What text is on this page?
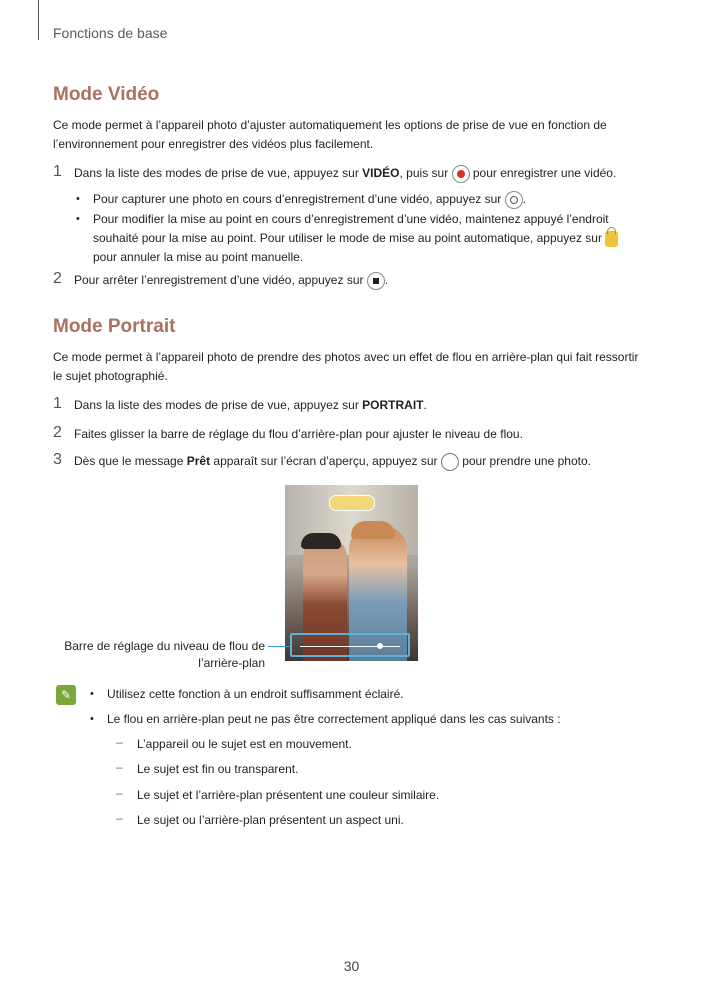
Fonctions de base
Mode Vidéo
Ce mode permet à l’appareil photo d’ajuster automatiquement les options de prise de vue en fonction de l’environnement pour enregistrer des vidéos plus facilement.
1 Dans la liste des modes de prise de vue, appuyez sur VIDÉO, puis sur  pour enregistrer une vidéo.
• Pour capturer une photo en cours d’enregistrement d’une vidéo, appuyez sur .
• Pour modifier la mise au point en cours d’enregistrement d’une vidéo, maintenez appuyé l’endroit souhaité pour la mise au point. Pour utiliser le mode de mise au point automatique, appuyez sur  pour annuler la mise au point manuelle.
2 Pour arrêter l’enregistrement d’une vidéo, appuyez sur .
Mode Portrait
Ce mode permet à l’appareil photo de prendre des photos avec un effet de flou en arrière-plan qui fait ressortir le sujet photographié.
1 Dans la liste des modes de prise de vue, appuyez sur PORTRAIT.
2 Faites glisser la barre de réglage du flou d’arrière-plan pour ajuster le niveau de flou.
3 Dès que le message Prêt apparaît sur l’écran d’aperçu, appuyez sur  pour prendre une photo.
Barre de réglage du niveau de flou de l’arrière-plan
✎	• Utilisez cette fonction à un endroit suffisamment éclairé.
• Le flou en arrière-plan peut ne pas être correctement appliqué dans les cas suivants :
– L’appareil ou le sujet est en mouvement.
– Le sujet est fin ou transparent.
– Le sujet et l’arrière-plan présentent une couleur similaire.
– Le sujet ou l’arrière-plan présentent un aspect uni.
30
